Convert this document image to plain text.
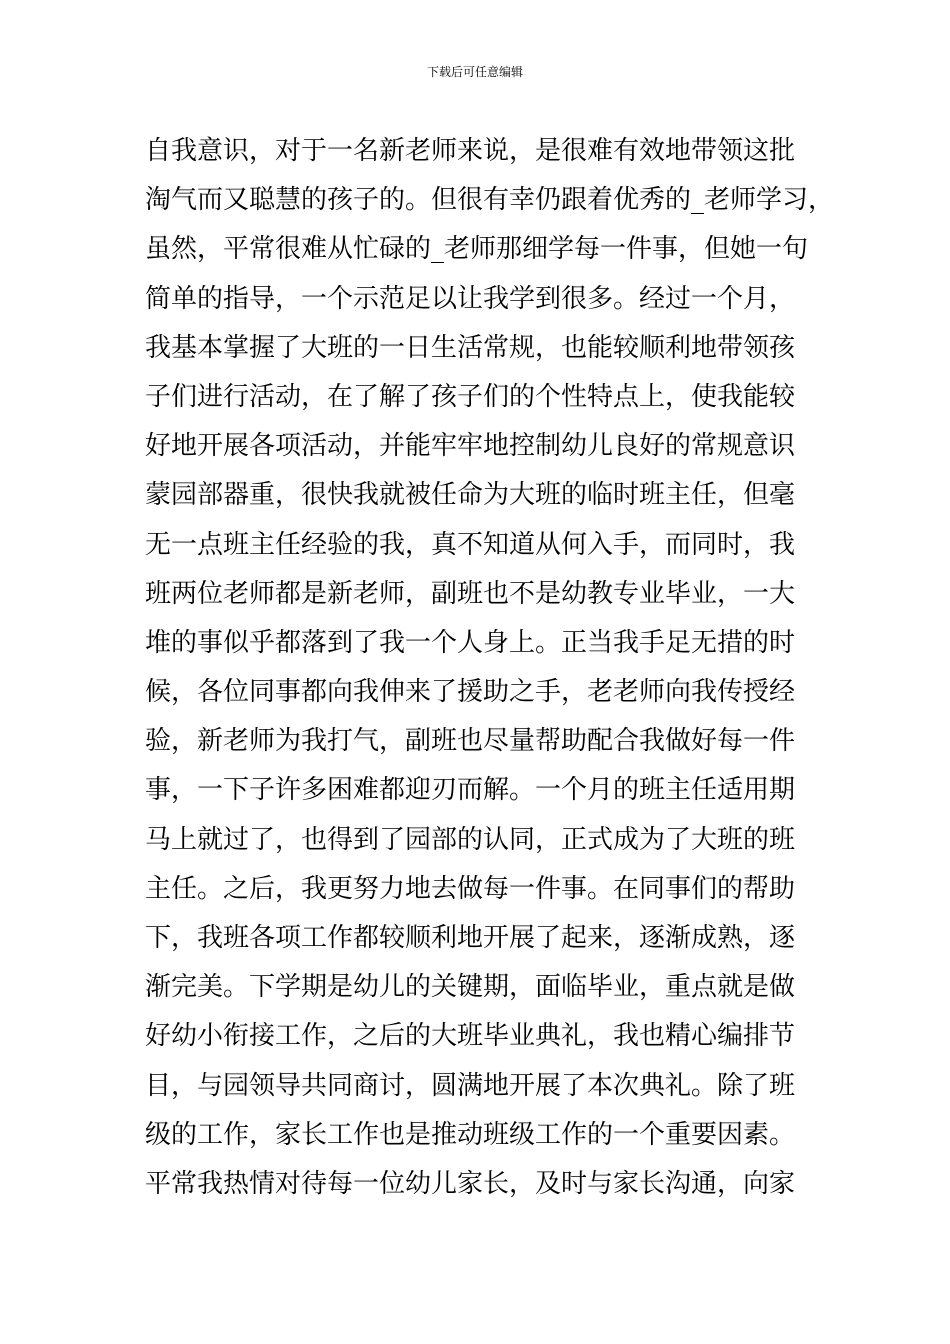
下载后可任意编辑
自我意识，对于一名新老师来说，是很难有效地带领这批
淘气而又聪慧的孩子的。但很有幸仍跟着优秀的_老师学习，
虽然，平常很难从忙碌的_老师那细学每一件事，但她一句
简单的指导，一个示范足以让我学到很多。经过一个月，
我基本掌握了大班的一日生活常规，也能较顺利地带领孩
子们进行活动，在了解了孩子们的个性特点上，使我能较
好地开展各项活动，并能牢牢地控制幼儿良好的常规意识
蒙园部器重，很快我就被任命为大班的临时班主任，但毫
无一点班主任经验的我，真不知道从何入手，而同时，我
班两位老师都是新老师，副班也不是幼教专业毕业，一大
堆的事似乎都落到了我一个人身上。正当我手足无措的时
候，各位同事都向我伸来了援助之手，老老师向我传授经
验，新老师为我打气，副班也尽量帮助配合我做好每一件
事，一下子许多困难都迎刃而解。一个月的班主任适用期
马上就过了，也得到了园部的认同，正式成为了大班的班
主任。之后，我更努力地去做每一件事。在同事们的帮助
下，我班各项工作都较顺利地开展了起来，逐渐成熟，逐
渐完美。下学期是幼儿的关键期，面临毕业，重点就是做
好幼小衔接工作，之后的大班毕业典礼，我也精心编排节
目，与园领导共同商讨，圆满地开展了本次典礼。除了班
级的工作，家长工作也是推动班级工作的一个重要因素。
平常我热情对待每一位幼儿家长，及时与家长沟通，向家
